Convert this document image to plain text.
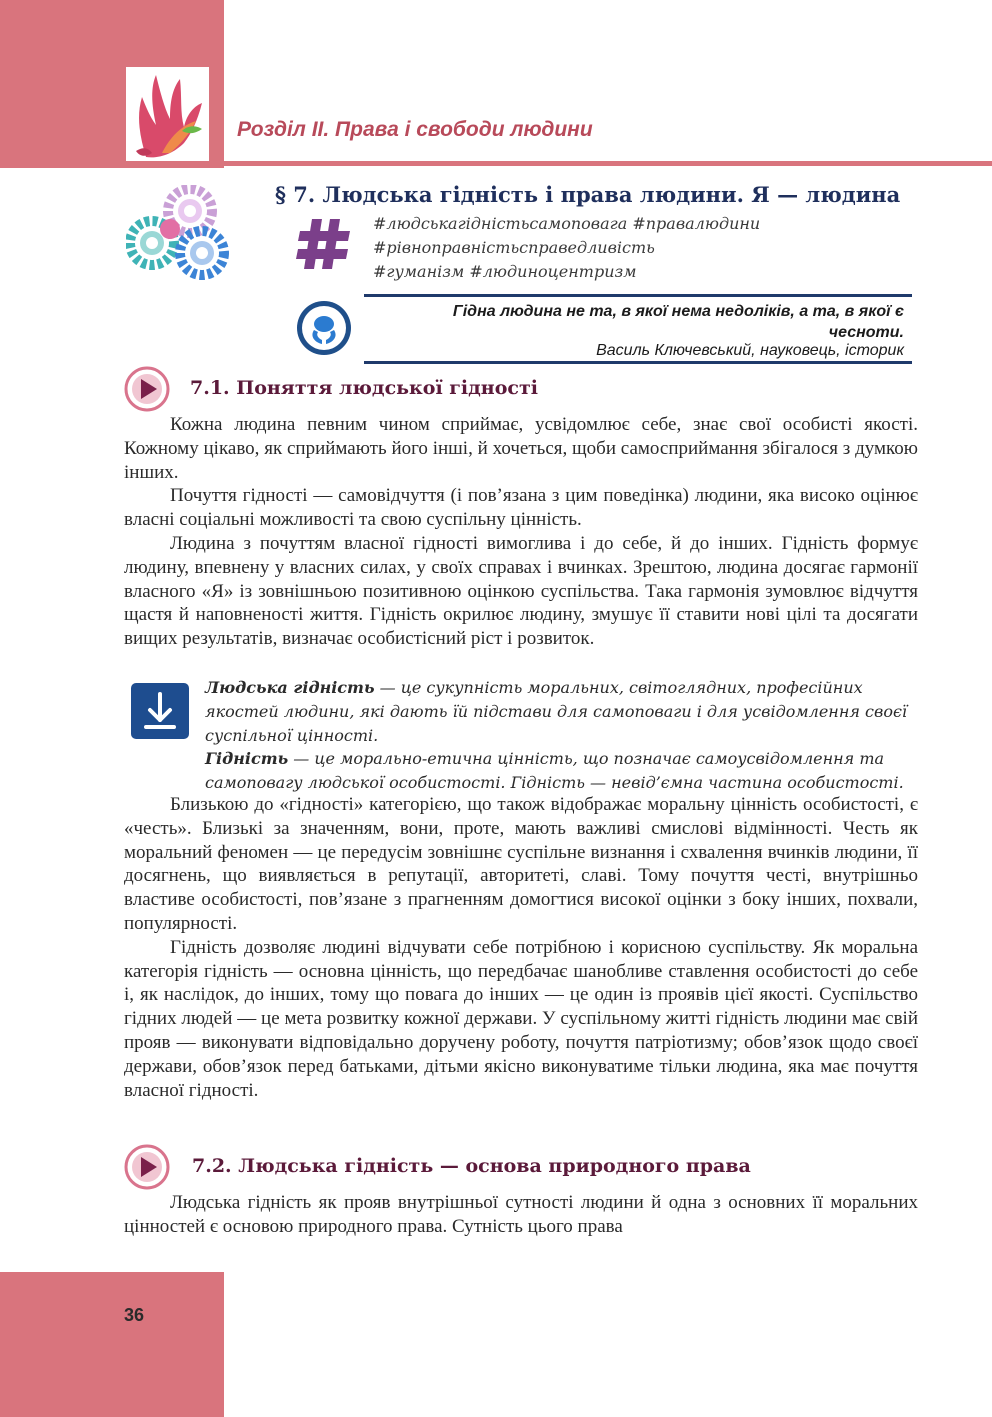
Розділ ІІ. Права і свободи людини
§ 7. Людська гідність і права людини. Я — людина
#людськагідністьсамоповага #правалюдини
#рівноправністьсправедливість
#гуманізм #людиноцентризм
Гідна людина не та, в якої нема недоліків, а та, в якої є чесноти.
Василь Ключевський, науковець, історик
7.1. Поняття людської гідності

Кожна людина певним чином сприймає, усвідомлює себе, знає свої особисті якості. Кожному цікаво, як сприймають його інші, й хочеться, щоби самосприймання збігалося з думкою інших.

Почуття гідності — самовідчуття (і пов’язана з цим поведінка) людини, яка високо оцінює власні соціальні можливості та свою суспільну цінність.

Людина з почуттям власної гідності вимоглива і до себе, й до інших. Гідність формує людину, впевнену у власних силах, у своїх справах і вчинках. Зрештою, людина досягає гармонії власного «Я» із зовнішньою позитивною оцінкою суспільства. Така гармонія зумовлює відчуття щастя й наповненості життя. Гідність окрилює людину, змушує її ставити нові цілі та досягати вищих результатів, визначає особистісний ріст і розвиток.

Людська гідність — це сукупність моральних, світоглядних, професійних якостей людини, які дають їй підстави для самоповаги і для усвідомлення своєї суспільної цінності.

Гідність — це морально-етична цінність, що позначає самоусвідомлення та самоповагу людської особистості. Гідність — невід’ємна частина особистості.

Близькою до «гідності» категорією, що також відображає моральну цінність особистості, є «честь». Близькі за значенням, вони, проте, мають важливі смислові відмінності. Честь як моральний феномен — це передусім зовнішнє суспільне визнання і схвалення вчинків людини, її досягнень, що виявляється в репутації, авторитеті, славі. Тому почуття честі, внутрішньо властиве особистості, пов’язане з прагненням домогтися високої оцінки з боку інших, похвали, популярності.

Гідність дозволяє людині відчувати себе потрібною і корисною суспільству. Як моральна категорія гідність — основна цінність, що передбачає шанобливе ставлення особистості до себе і, як наслідок, до інших, тому що повага до інших — це один із проявів цієї якості. Суспільство гідних людей — це мета розвитку кожної держави. У суспільному житті гідність людини має свій прояв — виконувати відповідально доручену роботу, почуття патріотизму; обов’язок щодо своєї держави, обов’язок перед батьками, дітьми якісно виконуватиме тільки людина, яка має почуття власної гідності.

7.2. Людська гідність — основа природного права

Людська гідність як прояв внутрішньої сутності людини й одна з основних її моральних цінностей є основою природного права. Сутність цього права

36
